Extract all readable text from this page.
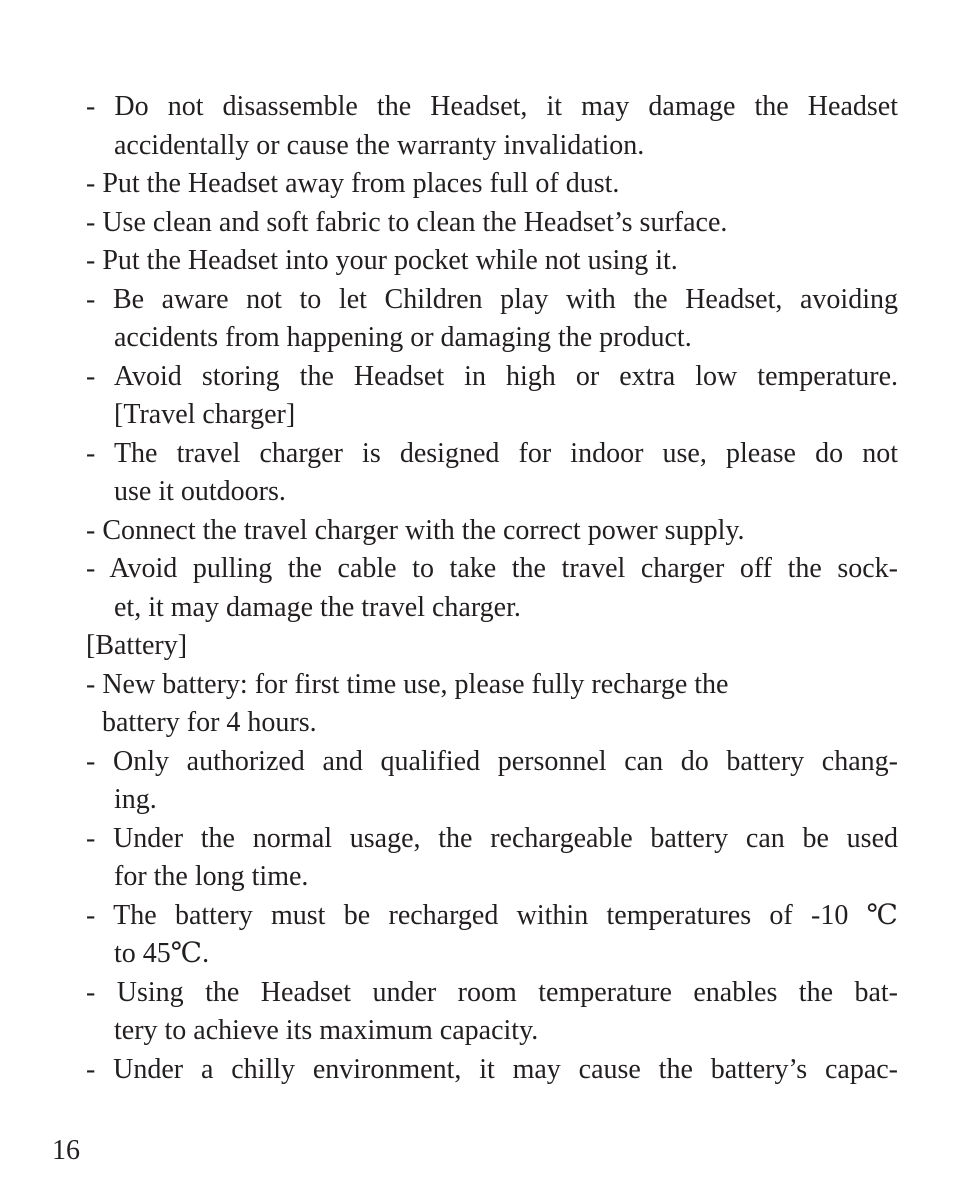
- Do not disassemble the Headset, it may damage the Headset
accidentally or cause the warranty invalidation.
- Put the Headset away from places full of dust.
- Use clean and soft fabric to clean the Headset’s surface.
- Put the Headset into your pocket while not using it.
- Be aware not to let Children play with the Headset, avoiding
accidents from happening or damaging the product.
- Avoid storing the Headset in high or extra low temperature.
[Travel charger]
- The travel charger is designed for indoor use, please do not
use it outdoors.
- Connect the travel charger with the correct power supply.
- Avoid pulling the cable to take the travel charger off the sock-
et, it may damage the travel charger.
[Battery]
- New battery: for first time use, please fully recharge the
battery for 4 hours.
- Only authorized and qualified personnel can do battery chang-
ing.
- Under the normal usage, the rechargeable battery can be used
for the long time.
- The battery must be recharged within temperatures of -10 ℃
to 45℃.
- Using the Headset under room temperature enables the bat-
tery to achieve its maximum capacity.
- Under a chilly environment, it may cause the battery’s capac-
16
